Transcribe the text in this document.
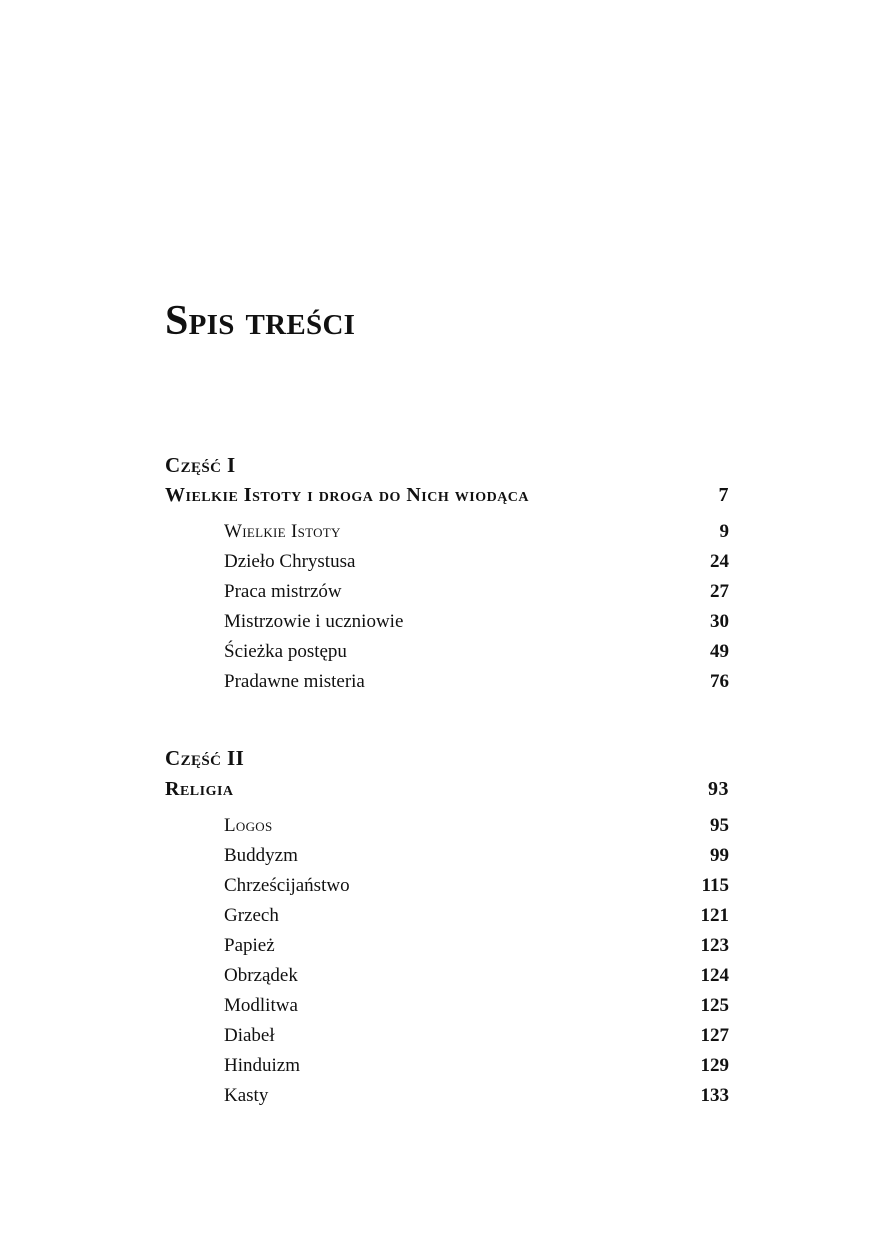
Spis treści
Część I
Wielkie Istoty i droga do Nich wiodąca	7
Wielkie Istoty	9
Dzieło Chrystusa	24
Praca mistrzów	27
Mistrzowie i uczniowie	30
Ścieżka postępu	49
Pradawne misteria	76
Część II
Religia	93
Logos	95
Buddyzm	99
Chrześcijaństwo	115
Grzech	121
Papież	123
Obrządek	124
Modlitwa	125
Diabeł	127
Hinduizm	129
Kasty	133
